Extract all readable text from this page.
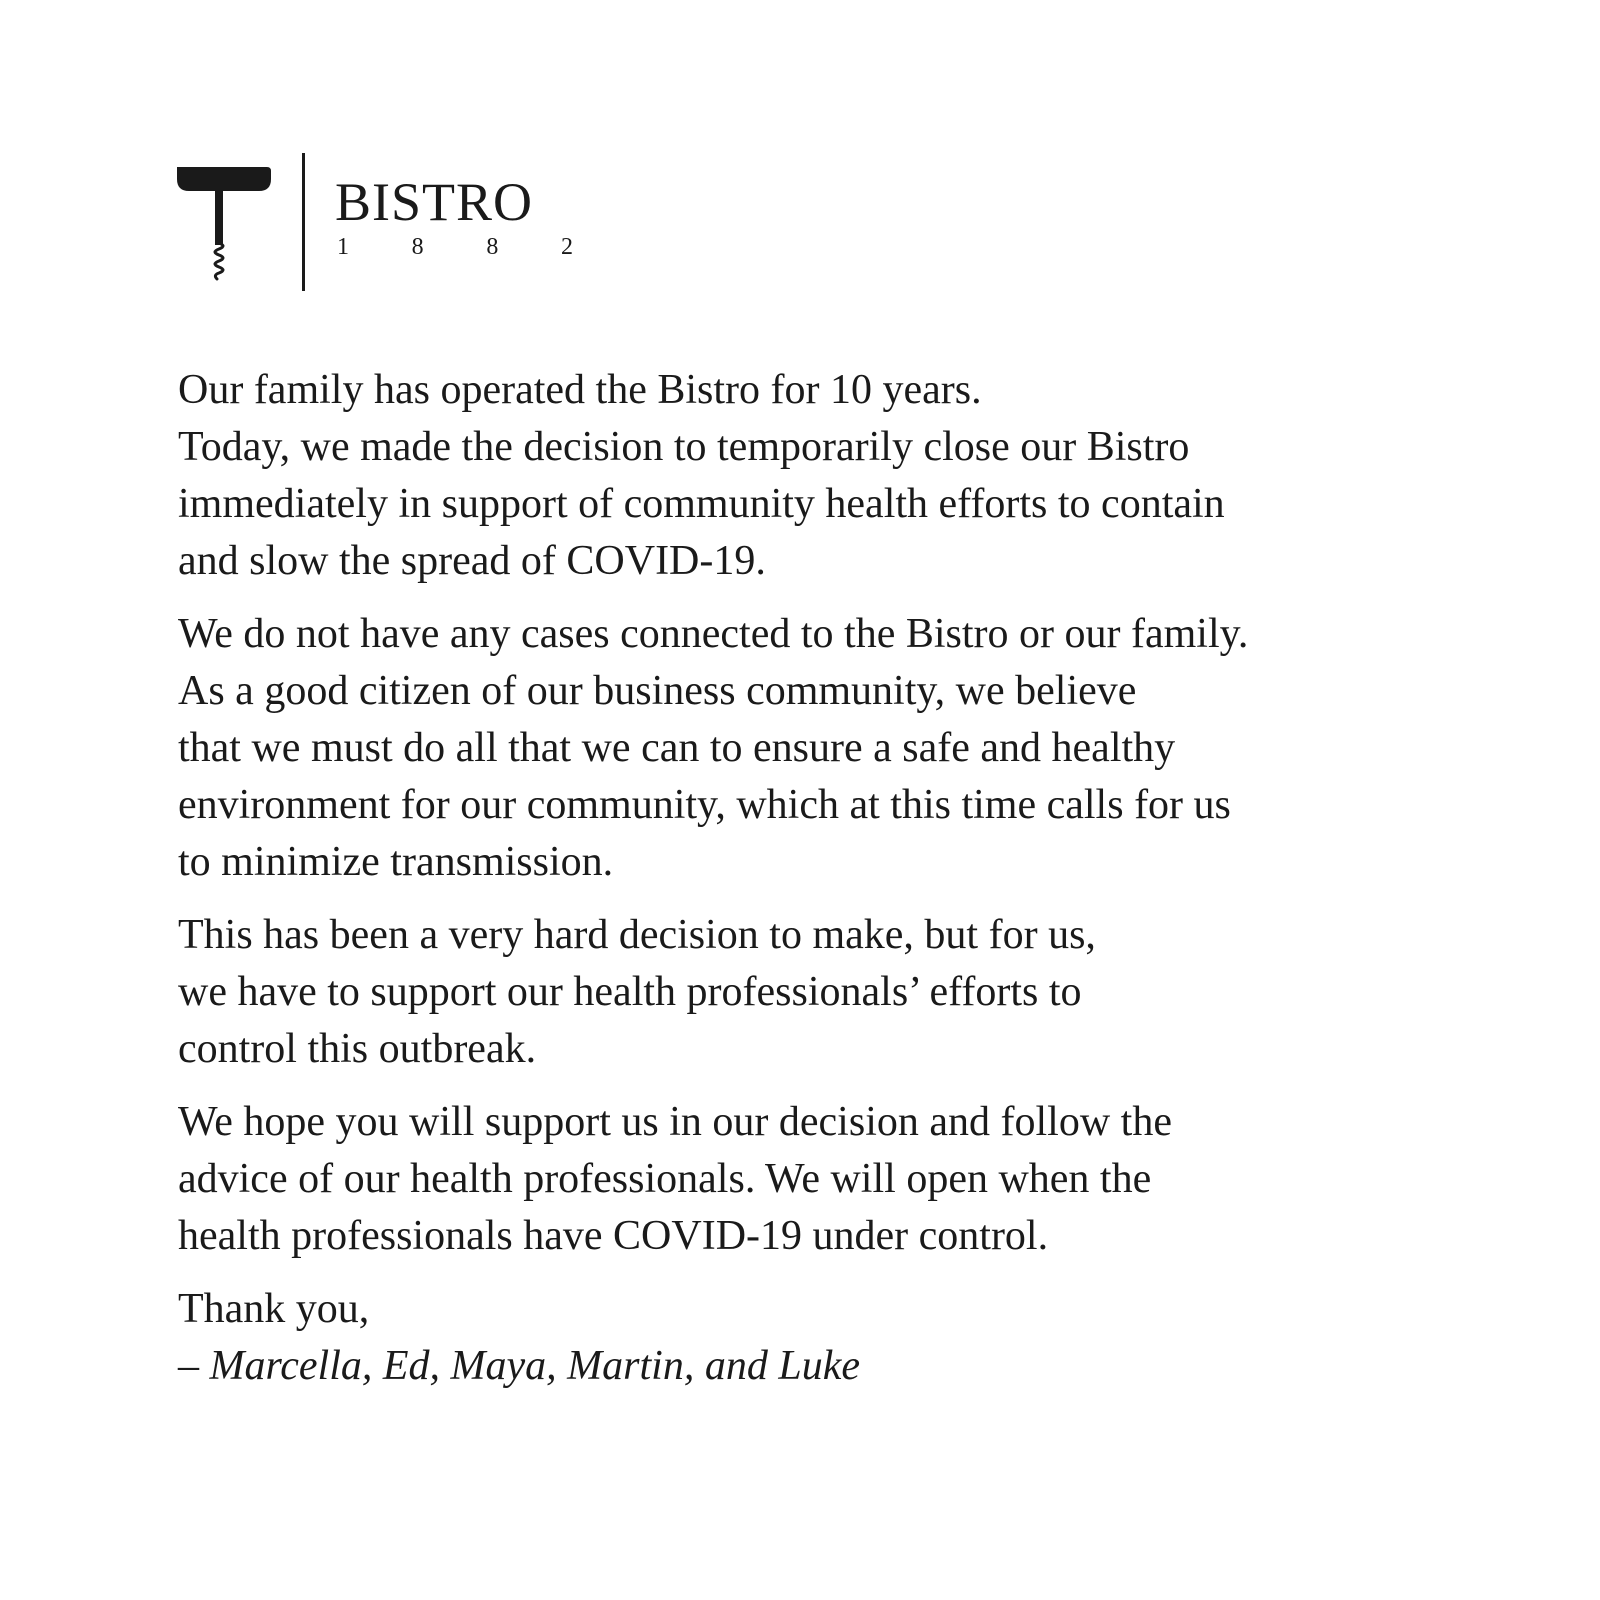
BISTRO
1	8	8	2

Our family has operated the Bistro for 10 years.
Today, we made the decision to temporarily close our Bistro
immediately in support of community health efforts to contain
and slow the spread of COVID-19.

We do not have any cases connected to the Bistro or our family.
As a good citizen of our business community, we believe
that we must do all that we can to ensure a safe and healthy
environment for our community, which at this time calls for us
to minimize transmission.

This has been a very hard decision to make, but for us,
we have to support our health professionals’ efforts to
control this outbreak.

We hope you will support us in our decision and follow the
advice of our health professionals. We will open when the
health professionals have COVID-19 under control.

Thank you,
– Marcella, Ed, Maya, Martin, and Luke
